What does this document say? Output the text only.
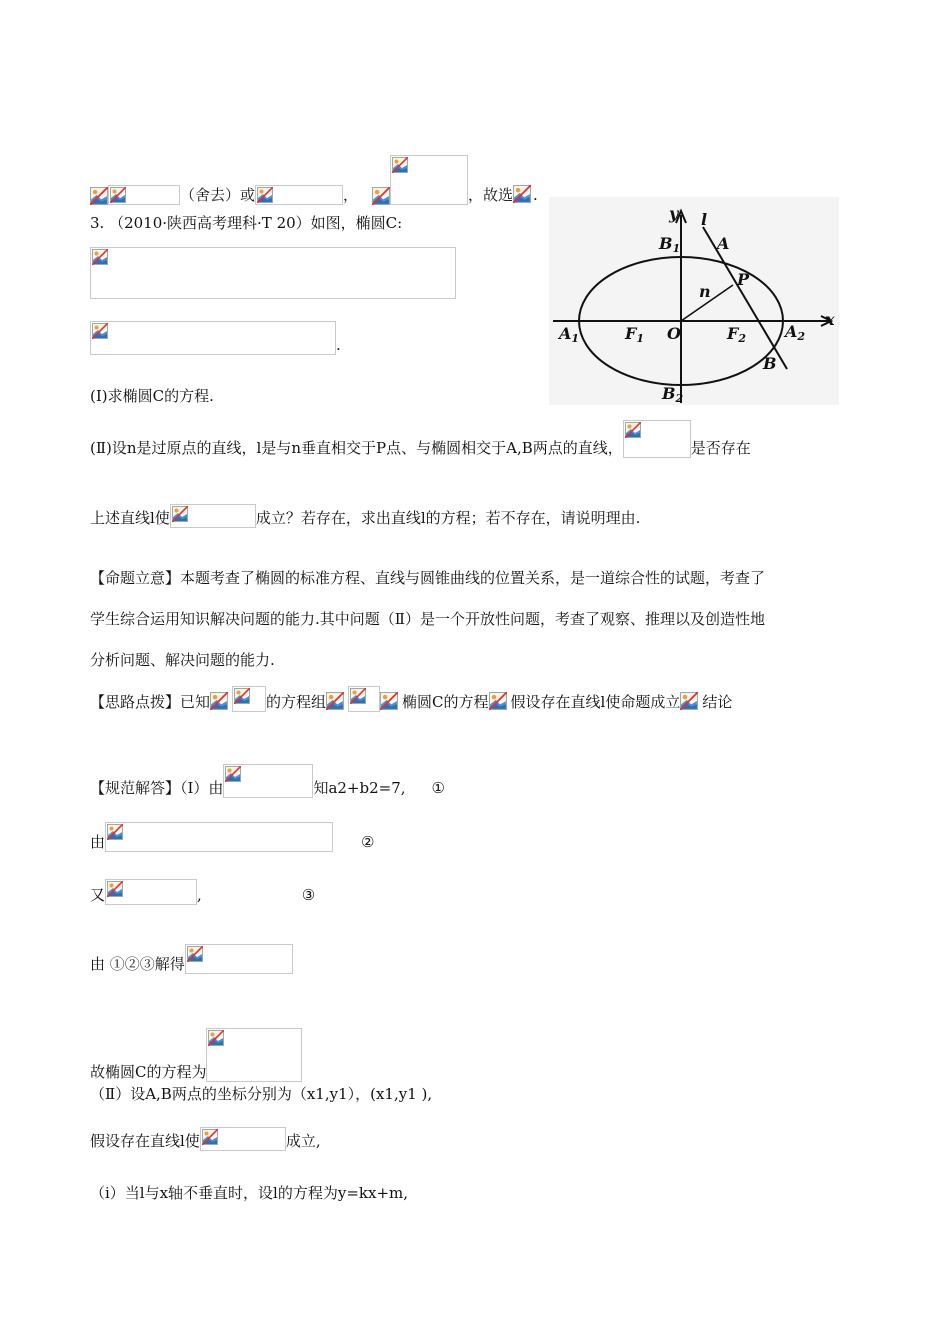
（舍去）或	，	，故选 .
3. （2010·陕西高考理科·T 20）如图，椭圆C:
.
(Ⅰ)求椭圆C的方程.
y
x
l
A
P
n
B1
B2
A1	A2
F1	F2
O
B
(Ⅱ)设n是过原点的直线，l是与n垂直相交于P点、与椭圆相交于A,B两点的直线，	是否存在
上述直线l使	成立？若存在，求出直线l的方程；若不存在，请说明理由.
【命题立意】本题考查了椭圆的标准方程、直线与圆锥曲线的位置关系，是一道综合性的试题，考查了
学生综合运用知识解决问题的能力.其中问题（Ⅱ）是一个开放性问题，考查了观察、推理以及创造性地
分析问题、解决问题的能力.
【思路点拨】已知	的方程组	椭圆C的方程 假设存在直线l使命题成立 结论
【规范解答】（Ⅰ）由	知a2+b2=7, ①
由	②
又	,	③
由 ①②③解得
故椭圆C的方程为
（Ⅱ）设A,B两点的坐标分别为（x1,y1），(x1,y1 ),
假设存在直线l使	成立,
（ⅰ）当l与x轴不垂直时，设l的方程为y=kx+m,
